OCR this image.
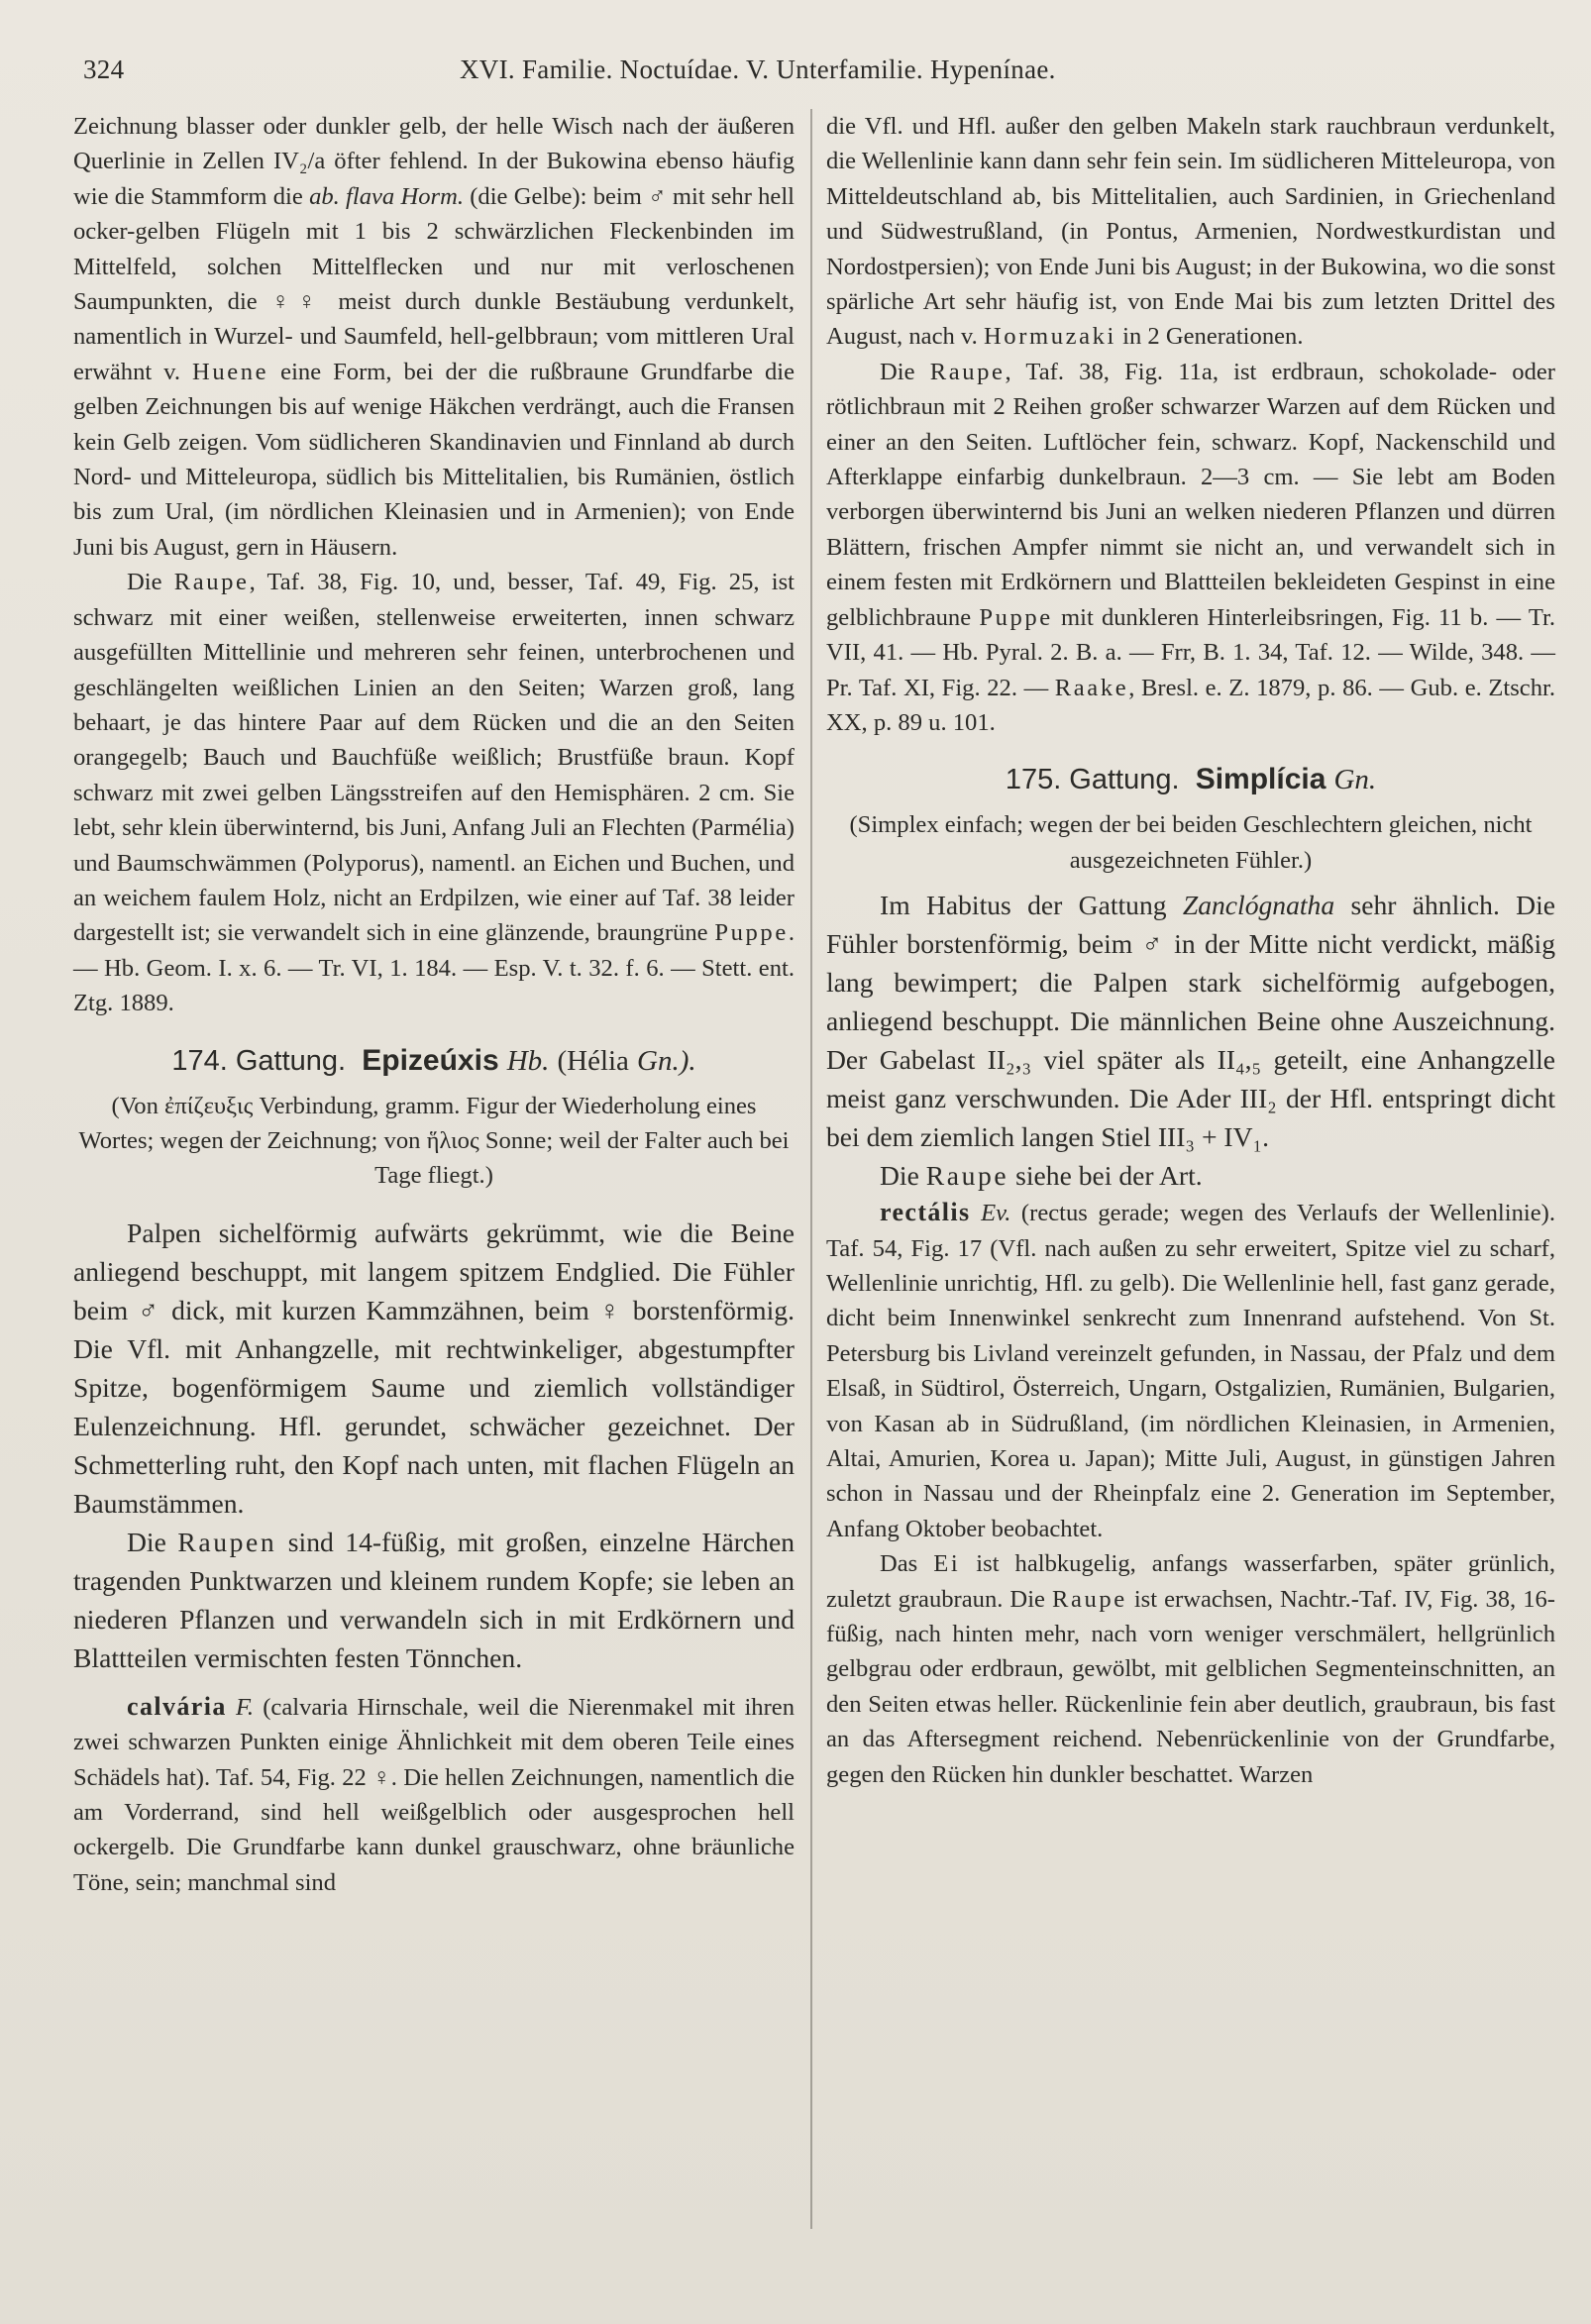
324	XVI. Familie. Noctuídae. V. Unterfamilie. Hypenínae.

Zeichnung blasser oder dunkler gelb, der helle Wisch nach der äußeren Querlinie in Zellen IV₂/a öfter fehlend. In der Bukowina ebenso häufig wie die Stammform die ab. flava Horm. (die Gelbe): beim ♂ mit sehr hell ocker-gelben Flügeln mit 1 bis 2 schwärzlichen Fleckenbinden im Mittelfeld, solchen Mittelflecken und nur mit verloschenen Saumpunkten, die ♀♀ meist durch dunkle Bestäubung verdunkelt, namentlich in Wurzel- und Saumfeld, hell-gelbbraun; vom mittleren Ural erwähnt v. Huene eine Form, bei der die rußbraune Grundfarbe die gelben Zeichnungen bis auf wenige Häkchen verdrängt, auch die Fransen kein Gelb zeigen. Vom südlicheren Skandinavien und Finnland ab durch Nord- und Mitteleuropa, südlich bis Mittelitalien, bis Rumänien, östlich bis zum Ural, (im nördlichen Kleinasien und in Armenien); von Ende Juni bis August, gern in Häusern.

Die Raupe, Taf. 38, Fig. 10, und, besser, Taf. 49, Fig. 25, ist schwarz mit einer weißen, stellenweise erweiterten, innen schwarz ausgefüllten Mittellinie und mehreren sehr feinen, unterbrochenen und geschlängelten weißlichen Linien an den Seiten; Warzen groß, lang behaart, je das hintere Paar auf dem Rücken und die an den Seiten orangegelb; Bauch und Bauchfüße weißlich; Brustfüße braun. Kopf schwarz mit zwei gelben Längsstreifen auf den Hemisphären. 2 cm. Sie lebt, sehr klein überwinternd, bis Juni, Anfang Juli an Flechten (Parmélia) und Baumschwämmen (Polyporus), namentl. an Eichen und Buchen, und an weichem faulem Holz, nicht an Erdpilzen, wie einer auf Taf. 38 leider dargestellt ist; sie verwandelt sich in eine glänzende, braungrüne Puppe. — Hb. Geom. I. x. 6. — Tr. VI, 1. 184. — Esp. V. t. 32. f. 6. — Stett. ent. Ztg. 1889.

174. Gattung. Epizeúxis Hb. (Hélia Gn.).

(Von ἐπίζευξις Verbindung, gramm. Figur der Wiederholung eines Wortes; wegen der Zeichnung; von ἥλιος Sonne; weil der Falter auch bei Tage fliegt.)

Palpen sichelförmig aufwärts gekrümmt, wie die Beine anliegend beschuppt, mit langem spitzem Endglied. Die Fühler beim ♂ dick, mit kurzen Kammzähnen, beim ♀ borstenförmig. Die Vfl. mit Anhangzelle, mit rechtwinkeliger, abgestumpfter Spitze, bogenförmigem Saume und ziemlich vollständiger Eulenzeichnung. Hfl. gerundet, schwächer gezeichnet. Der Schmetterling ruht, den Kopf nach unten, mit flachen Flügeln an Baumstämmen.

Die Raupen sind 14-füßig, mit großen, einzelne Härchen tragenden Punktwarzen und kleinem rundem Kopfe; sie leben an niederen Pflanzen und verwandeln sich in mit Erdkörnern und Blattteilen vermischten festen Tönnchen.

calvária F. (calvaria Hirnschale, weil die Nierenmakel mit ihren zwei schwarzen Punkten einige Ähnlichkeit mit dem oberen Teile eines Schädels hat). Taf. 54, Fig. 22 ♀. Die hellen Zeichnungen, namentlich die am Vorderrand, sind hell weißgelblich oder ausgesprochen hell ockergelb. Die Grundfarbe kann dunkel grauschwarz, ohne bräunliche Töne, sein; manchmal sind

die Vfl. und Hfl. außer den gelben Makeln stark rauchbraun verdunkelt, die Wellenlinie kann dann sehr fein sein. Im südlicheren Mitteleuropa, von Mitteldeutschland ab, bis Mittelitalien, auch Sardinien, in Griechenland und Südwestrußland, (in Pontus, Armenien, Nordwestkurdistan und Nordostpersien); von Ende Juni bis August; in der Bukowina, wo die sonst spärliche Art sehr häufig ist, von Ende Mai bis zum letzten Drittel des August, nach v. Hormuzaki in 2 Generationen.

Die Raupe, Taf. 38, Fig. 11a, ist erdbraun, schokolade- oder rötlichbraun mit 2 Reihen großer schwarzer Warzen auf dem Rücken und einer an den Seiten. Luftlöcher fein, schwarz. Kopf, Nackenschild und Afterklappe einfarbig dunkelbraun. 2—3 cm. — Sie lebt am Boden verborgen überwinternd bis Juni an welken niederen Pflanzen und dürren Blättern, frischen Ampfer nimmt sie nicht an, und verwandelt sich in einem festen mit Erdkörnern und Blattteilen bekleideten Gespinst in eine gelblichbraune Puppe mit dunkleren Hinterleibsringen, Fig. 11 b. — Tr. VII, 41. — Hb. Pyral. 2. B. a. — Frr, B. 1. 34, Taf. 12. — Wilde, 348. — Pr. Taf. XI, Fig. 22. — Raake, Bresl. e. Z. 1879, p. 86. — Gub. e. Ztschr. XX, p. 89 u. 101.

175. Gattung. Simplícia Gn.

(Simplex einfach; wegen der bei beiden Geschlechtern gleichen, nicht ausgezeichneten Fühler.)

Im Habitus der Gattung Zanclógnatha sehr ähnlich. Die Fühler borstenförmig, beim ♂ in der Mitte nicht verdickt, mäßig lang bewimpert; die Palpen stark sichelförmig aufgebogen, anliegend beschuppt. Die männlichen Beine ohne Auszeichnung. Der Gabelast II₂,₃ viel später als II₄,₅ geteilt, eine Anhangzelle meist ganz verschwunden. Die Ader III₂ der Hfl. entspringt dicht bei dem ziemlich langen Stiel III₃ + IV₁.

Die Raupe siehe bei der Art.

rectális Ev. (rectus gerade; wegen des Verlaufs der Wellenlinie). Taf. 54, Fig. 17 (Vfl. nach außen zu sehr erweitert, Spitze viel zu scharf, Wellenlinie unrichtig, Hfl. zu gelb). Die Wellenlinie hell, fast ganz gerade, dicht beim Innenwinkel senkrecht zum Innenrand aufstehend. Von St. Petersburg bis Livland vereinzelt gefunden, in Nassau, der Pfalz und dem Elsaß, in Südtirol, Österreich, Ungarn, Ostgalizien, Rumänien, Bulgarien, von Kasan ab in Südrußland, (im nördlichen Kleinasien, in Armenien, Altai, Amurien, Korea u. Japan); Mitte Juli, August, in günstigen Jahren schon in Nassau und der Rheinpfalz eine 2. Generation im September, Anfang Oktober beobachtet.

Das Ei ist halbkugelig, anfangs wasserfarben, später grünlich, zuletzt graubraun. Die Raupe ist erwachsen, Nachtr.-Taf. IV, Fig. 38, 16-füßig, nach hinten mehr, nach vorn weniger verschmälert, hellgrünlich gelbgrau oder erdbraun, gewölbt, mit gelblichen Segmenteinschnitten, an den Seiten etwas heller. Rückenlinie fein aber deutlich, graubraun, bis fast an das Aftersegment reichend. Nebenrückenlinie von der Grundfarbe, gegen den Rücken hin dunkler beschattet. Warzen
